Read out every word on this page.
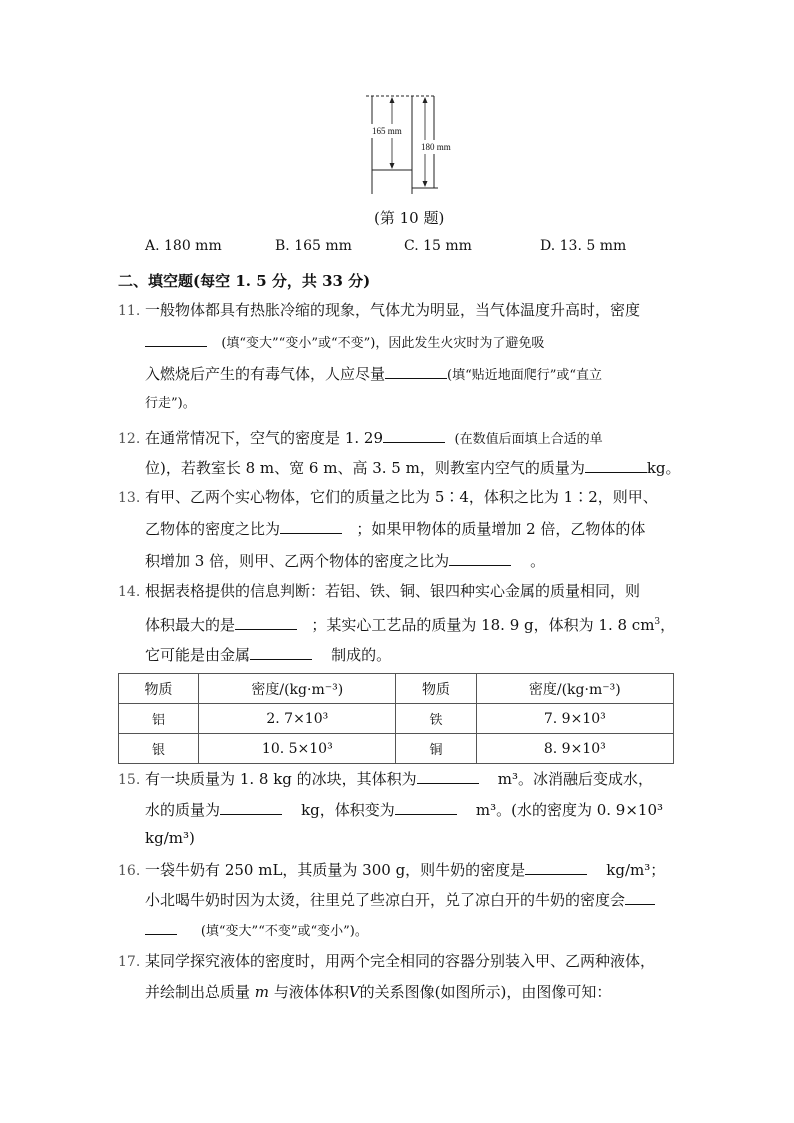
165 mm
180 mm
(第 10 题)
A. 180 mm	B. 165 mm	C. 15 mm	D. 13. 5 mm
二、填空题(每空 1. 5 分，共 33 分)
11. 一般物体都具有热胀冷缩的现象，气体尤为明显，当气体温度升高时，密度
(填“变大”“变小”或“不变”)，因此发生火灾时为了避免吸
入燃烧后产生的有毒气体，人应尽量	(填“贴近地面爬行”或“直立
行走”)。
12. 在通常情况下，空气的密度是 1. 29	(在数值后面填上合适的单
位)，若教室长 8 m、宽 6 m、高 3. 5 m，则教室内空气的质量为	kg。
13. 有甲、乙两个实心物体，它们的质量之比为 5∶4，体积之比为 1∶2，则甲、
乙物体的密度之比为	；如果甲物体的质量增加 2 倍，乙物体的体
积增加 3 倍，则甲、乙两个物体的密度之比为	。
14. 根据表格提供的信息判断：若铝、铁、铜、银四种实心金属的质量相同，则
体积最大的是	；某实心工艺品的质量为 18. 9 g，体积为 1. 8 $cm^3$，
它可能是由金属	制成的。
物质	密度/(kg·m⁻³)	物质	密度/(kg·m⁻³)
铝	2. 7×10³	铁	7. 9×10³
银	10. 5×10³	铜	8. 9×10³
15. 有一块质量为 1. 8 kg 的冰块，其体积为	m³。冰消融后变成水，
水的质量为	kg，体积变为	m³。(水的密度为 0. 9×10³
kg/m³)
16. 一袋牛奶有 250 mL，其质量为 300 g，则牛奶的密度是	kg/m³；
小北喝牛奶时因为太烫，往里兑了些凉白开，兑了凉白开的牛奶的密度会
(填“变大”“不变”或“变小”)。
17. 某同学探究液体的密度时，用两个完全相同的容器分别装入甲、乙两种液体，
并绘制出总质量 m 与液体体积V的关系图像(如图所示)，由图像可知：
